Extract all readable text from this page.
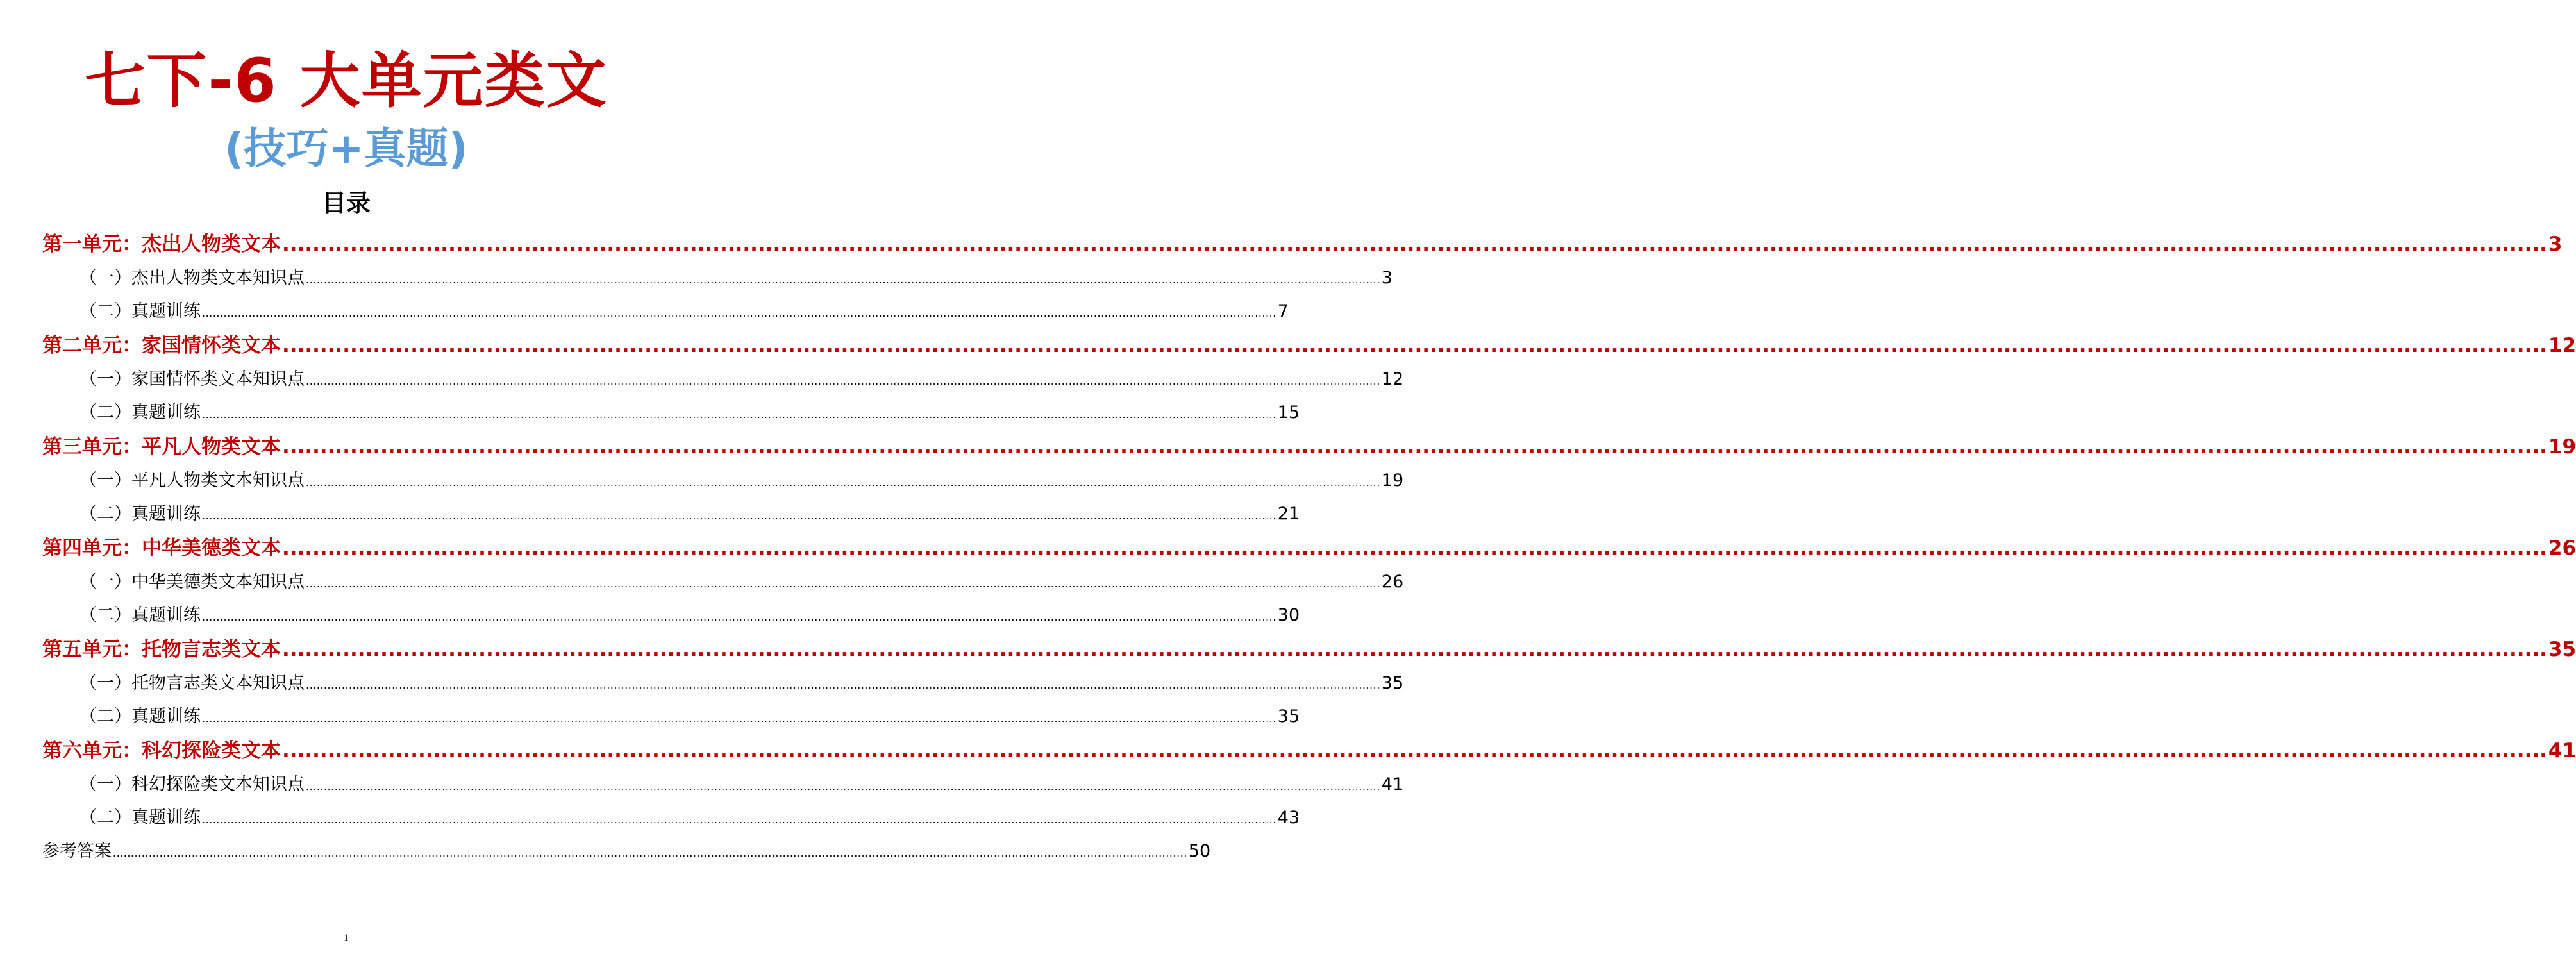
七下-6 大单元类文
(技巧+真题)
目录
第一单元：杰出人物类文本 ............................................................................................................................................................................................................................................................................................................ 3
（一）杰出人物类文本知识点 ............................................................................................................................................................................................................................................................................................................ 3
（二）真题训练 ............................................................................................................................................................................................................................................................................................................ 7
第二单元：家国情怀类文本 ............................................................................................................................................................................................................................................................................................................ 12
（一）家国情怀类文本知识点 ............................................................................................................................................................................................................................................................................................................ 12
（二）真题训练 ............................................................................................................................................................................................................................................................................................................ 15
第三单元：平凡人物类文本 ............................................................................................................................................................................................................................................................................................................ 19
（一）平凡人物类文本知识点 ............................................................................................................................................................................................................................................................................................................ 19
（二）真题训练 ............................................................................................................................................................................................................................................................................................................ 21
第四单元：中华美德类文本 ............................................................................................................................................................................................................................................................................................................ 26
（一）中华美德类文本知识点 ............................................................................................................................................................................................................................................................................................................ 26
（二）真题训练 ............................................................................................................................................................................................................................................................................................................ 30
第五单元：托物言志类文本 ............................................................................................................................................................................................................................................................................................................ 35
（一）托物言志类文本知识点 ............................................................................................................................................................................................................................................................................................................ 35
（二）真题训练 ............................................................................................................................................................................................................................................................................................................ 35
第六单元：科幻探险类文本 ............................................................................................................................................................................................................................................................................................................ 41
（一）科幻探险类文本知识点 ............................................................................................................................................................................................................................................................................................................ 41
（二）真题训练 ............................................................................................................................................................................................................................................................................................................ 43
参考答案 ............................................................................................................................................................................................................................................................................................................ 50
1
